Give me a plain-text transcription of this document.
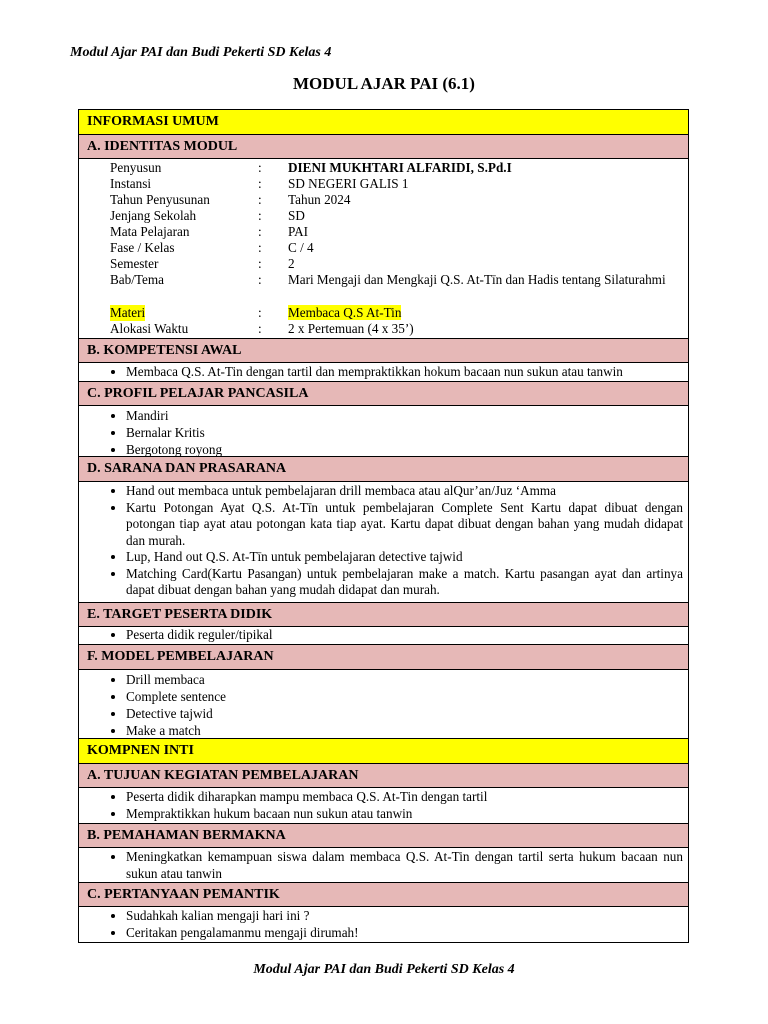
Modul Ajar PAI dan Budi Pekerti SD Kelas 4
MODUL AJAR PAI (6.1)
INFORMASI UMUM
A. IDENTITAS MODUL
Penyusun	: DIENI MUKHTARI ALFARIDI, S.Pd.I
Instansi	: SD NEGERI GALIS 1
Tahun Penyusunan	: Tahun 2024
Jenjang Sekolah	: SD
Mata Pelajaran	: PAI
Fase / Kelas	: C / 4
Semester	: 2
Bab/Tema	: Mari Mengaji dan Mengkaji Q.S. At-Tīn dan Hadis tentang Silaturahmi
Materi	: Membaca Q.S At-Tin
Alokasi Waktu	: 2 x Pertemuan (4 x 35’)
B. KOMPETENSI AWAL
• Membaca Q.S. At-Tin dengan tartil dan mempraktikkan hokum bacaan nun sukun atau tanwin
C. PROFIL PELAJAR PANCASILA
• Mandiri
• Bernalar Kritis
• Bergotong royong
D. SARANA DAN PRASARANA
• Hand out membaca untuk pembelajaran drill membaca atau alQur’an/Juz ‘Amma
• Kartu Potongan Ayat Q.S. At-Tīn untuk pembelajaran Complete Sent Kartu dapat dibuat dengan potongan tiap ayat atau potongan kata tiap ayat. Kartu dapat dibuat dengan bahan yang mudah didapat dan murah.
• Lup, Hand out Q.S. At-Tīn untuk pembelajaran detective tajwid
• Matching Card(Kartu Pasangan) untuk pembelajaran make a match. Kartu pasangan ayat dan artinya dapat dibuat dengan bahan yang mudah didapat dan murah.
E. TARGET PESERTA DIDIK
• Peserta didik reguler/tipikal
F. MODEL PEMBELAJARAN
• Drill membaca
• Complete sentence
• Detective tajwid
• Make a match
KOMPNEN INTI
A. TUJUAN KEGIATAN PEMBELAJARAN
• Peserta didik diharapkan mampu membaca Q.S. At-Tin dengan tartil
• Mempraktikkan hukum bacaan nun sukun atau tanwin
B. PEMAHAMAN BERMAKNA
• Meningkatkan kemampuan siswa dalam membaca Q.S. At-Tin dengan tartil serta hukum bacaan nun sukun atau tanwin
C. PERTANYAAN PEMANTIK
• Sudahkah kalian mengaji hari ini ?
• Ceritakan pengalamanmu mengaji dirumah!
Modul Ajar PAI dan Budi Pekerti SD Kelas 4
